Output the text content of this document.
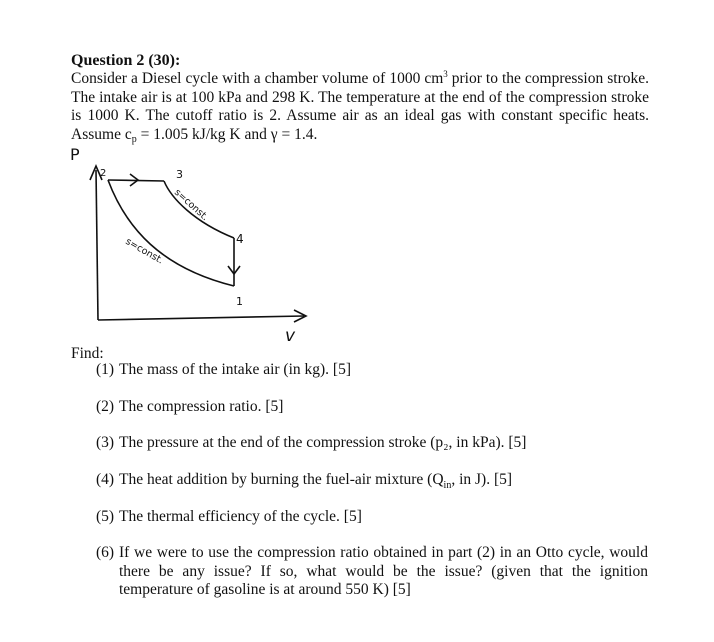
Question 2 (30):
Consider a Diesel cycle with a chamber volume of 1000 $cm^3$ prior to the compression stroke. The intake air is at 100 kPa and 298 K. The temperature at the end of the compression stroke is 1000 K. The cutoff ratio is 2. Assume air as an ideal gas with constant specific heats. Assume $c_p = 1.005$ kJ/kg K and γ = 1.4.
P
v
2	3
4
1
s=const.
s=const.
Find:
(1) The mass of the intake air (in kg). [5]
(2) The compression ratio. [5]
(3) The pressure at the end of the compression stroke (p₂, in kPa). [5]
(4) The heat addition by burning the fuel-air mixture ($Q_{in}$, in J). [5]
(5) The thermal efficiency of the cycle. [5]
(6) If we were to use the compression ratio obtained in part (2) in an Otto cycle, would there be any issue? If so, what would be the issue? (given that the ignition temperature of gasoline is at around 550 K) [5]
